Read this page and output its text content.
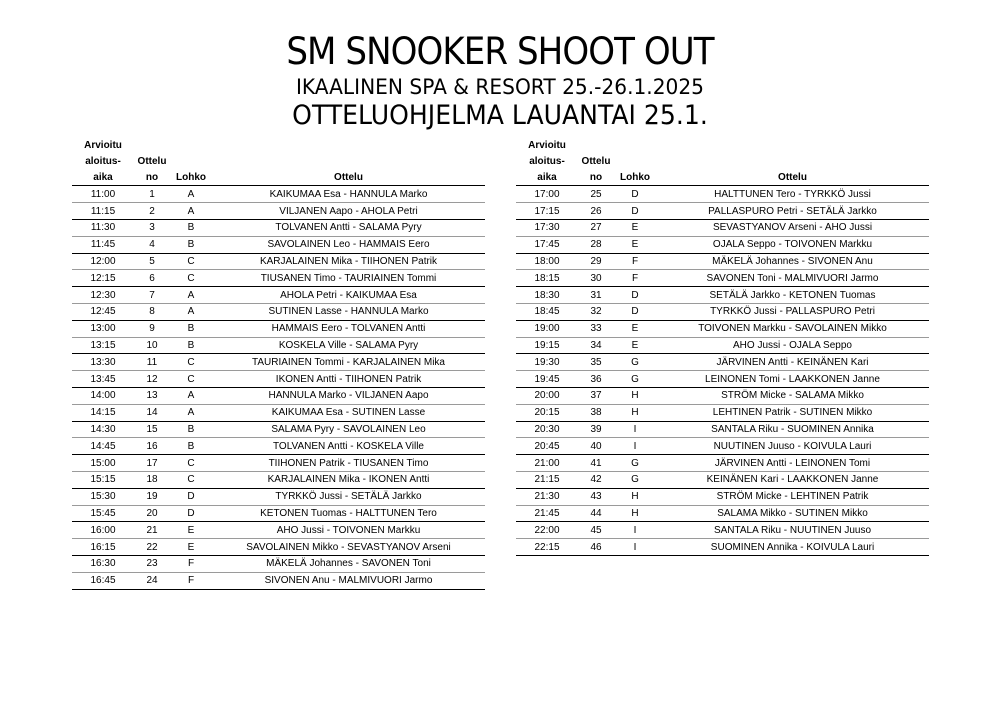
SM SNOOKER SHOOT OUT
IKAALINEN SPA & RESORT 25.-26.1.2025
OTTELUOHJELMA LAUANTAI 25.1.
Arvioitu			
aloitus-	Ottelu		
aika	no	Lohko	Ottelu
11:00	1	A	KAIKUMAA Esa - HANNULA Marko
11:15	2	A	VILJANEN Aapo - AHOLA Petri
11:30	3	B	TOLVANEN Antti - SALAMA Pyry
11:45	4	B	SAVOLAINEN Leo - HAMMAIS Eero
12:00	5	C	KARJALAINEN Mika - TIIHONEN Patrik
12:15	6	C	TIUSANEN Timo - TAURIAINEN Tommi
12:30	7	A	AHOLA Petri - KAIKUMAA Esa
12:45	8	A	SUTINEN Lasse - HANNULA Marko
13:00	9	B	HAMMAIS Eero - TOLVANEN Antti
13:15	10	B	KOSKELA Ville - SALAMA Pyry
13:30	11	C	TAURIAINEN Tommi - KARJALAINEN Mika
13:45	12	C	IKONEN Antti - TIIHONEN Patrik
14:00	13	A	HANNULA Marko - VILJANEN Aapo
14:15	14	A	KAIKUMAA Esa - SUTINEN Lasse
14:30	15	B	SALAMA Pyry - SAVOLAINEN Leo
14:45	16	B	TOLVANEN Antti - KOSKELA Ville
15:00	17	C	TIIHONEN Patrik - TIUSANEN Timo
15:15	18	C	KARJALAINEN Mika - IKONEN Antti
15:30	19	D	TYRKKÖ Jussi - SETÄLÄ Jarkko
15:45	20	D	KETONEN Tuomas - HALTTUNEN Tero
16:00	21	E	AHO Jussi - TOIVONEN Markku
16:15	22	E	SAVOLAINEN Mikko - SEVASTYANOV Arseni
16:30	23	F	MÄKELÄ Johannes - SAVONEN Toni
16:45	24	F	SIVONEN Anu - MALMIVUORI Jarmo
Arvioitu			
aloitus-	Ottelu		
aika	no	Lohko	Ottelu
17:00	25	D	HALTTUNEN Tero - TYRKKÖ Jussi
17:15	26	D	PALLASPURO Petri - SETÄLÄ Jarkko
17:30	27	E	SEVASTYANOV Arseni - AHO Jussi
17:45	28	E	OJALA Seppo - TOIVONEN Markku
18:00	29	F	MÄKELÄ Johannes - SIVONEN Anu
18:15	30	F	SAVONEN Toni - MALMIVUORI Jarmo
18:30	31	D	SETÄLÄ Jarkko - KETONEN Tuomas
18:45	32	D	TYRKKÖ Jussi - PALLASPURO Petri
19:00	33	E	TOIVONEN Markku - SAVOLAINEN Mikko
19:15	34	E	AHO Jussi - OJALA Seppo
19:30	35	G	JÄRVINEN Antti - KEINÄNEN Kari
19:45	36	G	LEINONEN Tomi - LAAKKONEN Janne
20:00	37	H	STRÖM Micke - SALAMA Mikko
20:15	38	H	LEHTINEN Patrik - SUTINEN Mikko
20:30	39	I	SANTALA Riku - SUOMINEN Annika
20:45	40	I	NUUTINEN Juuso - KOIVULA Lauri
21:00	41	G	JÄRVINEN Antti - LEINONEN Tomi
21:15	42	G	KEINÄNEN Kari - LAAKKONEN Janne
21:30	43	H	STRÖM Micke - LEHTINEN Patrik
21:45	44	H	SALAMA Mikko - SUTINEN Mikko
22:00	45	I	SANTALA Riku - NUUTINEN Juuso
22:15	46	I	SUOMINEN Annika - KOIVULA Lauri
